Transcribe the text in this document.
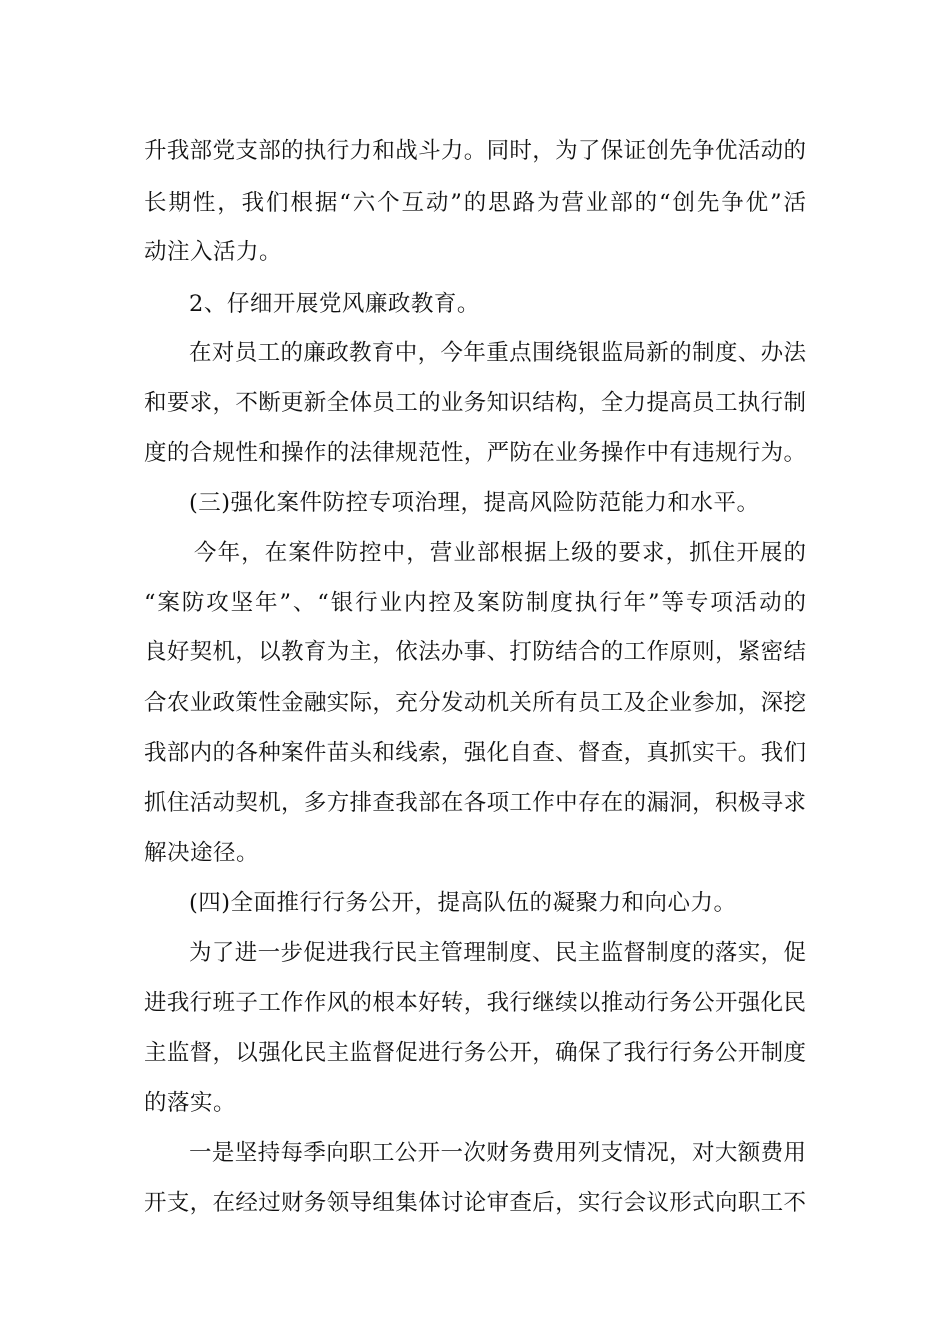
升我部党支部的执行力和战斗力。同时，为了保证创先争优活动的
长期性，我们根据“六个互动”的思路为营业部的“创先争优”活
动注入活力。
2、仔细开展党风廉政教育。
在对员工的廉政教育中，今年重点围绕银监局新的制度、办法
和要求，不断更新全体员工的业务知识结构，全力提高员工执行制
度的合规性和操作的法律规范性，严防在业务操作中有违规行为。
(三)强化案件防控专项治理，提高风险防范能力和水平。
今年，在案件防控中，营业部根据上级的要求，抓住开展的
“案防攻坚年”、“银行业内控及案防制度执行年”等专项活动的
良好契机，以教育为主，依法办事、打防结合的工作原则，紧密结
合农业政策性金融实际，充分发动机关所有员工及企业参加，深挖
我部内的各种案件苗头和线索，强化自查、督查，真抓实干。我们
抓住活动契机，多方排查我部在各项工作中存在的漏洞，积极寻求
解决途径。
(四)全面推行行务公开，提高队伍的凝聚力和向心力。
为了进一步促进我行民主管理制度、民主监督制度的落实，促
进我行班子工作作风的根本好转，我行继续以推动行务公开强化民
主监督，以强化民主监督促进行务公开，确保了我行行务公开制度
的落实。
一是坚持每季向职工公开一次财务费用列支情况，对大额费用
开支，在经过财务领导组集体讨论审查后，实行会议形式向职工不
